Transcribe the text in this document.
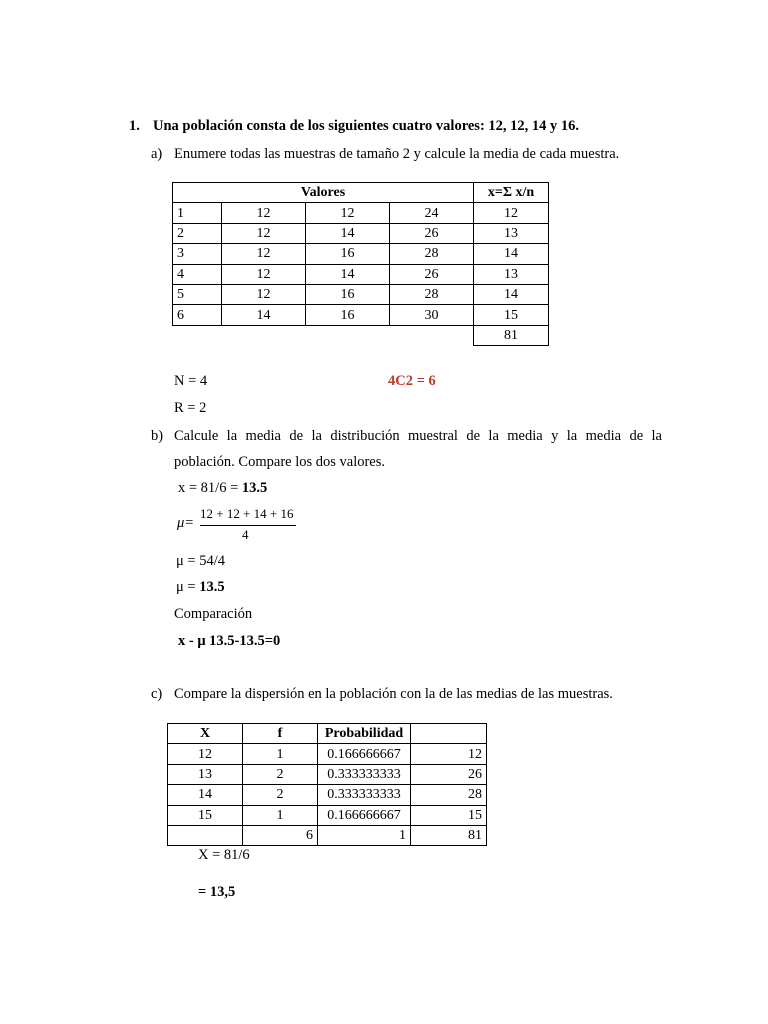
1. Una población consta de los siguientes cuatro valores: 12, 12, 14 y 16.
a) Enumere todas las muestras de tamaño 2 y calcule la media de cada muestra.
Valores				x=Σ x/n
1	12	12	24	12
2	12	14	26	13
3	12	16	28	14
4	12	14	26	13
5	12	16	28	14
6	14	16	30	15
				81
N = 4	4C2 = 6
R = 2
b) Calcule la media de la distribución muestral de la media y la media de la
población. Compare los dos valores.
x = 81/6 = 13.5
μ=
12 + 12 + 14 + 16
4
μ = 54/4
μ = 13.5
Comparación
x - μ 13.5-13.5=0
c) Compare la dispersión en la población con la de las medias de las muestras.
X	f	Probabilidad	
12	1	0.166666667	12
13	2	0.333333333	26
14	2	0.333333333	28
15	1	0.166666667	15
	6	1	81
X = 81/6
= 13,5
